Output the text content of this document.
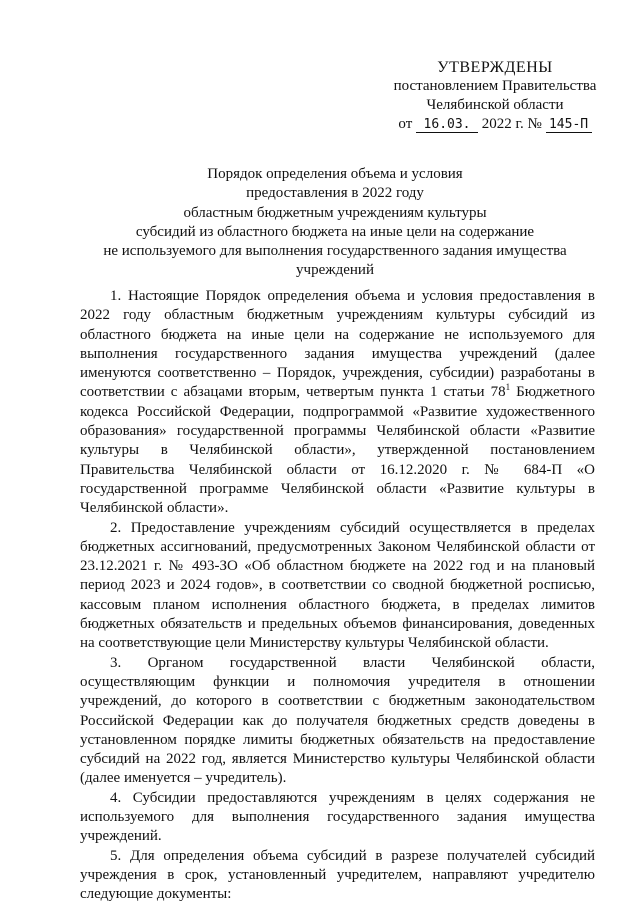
УТВЕРЖДЕНЫ
постановлением Правительства
Челябинской области
от 16.03. 2022 г. № 145-П
Порядок определения объема и условия
предоставления в 2022 году
областным бюджетным учреждениям культуры
субсидий из областного бюджета на иные цели на содержание
не используемого для выполнения государственного задания имущества
учреждений

1. Настоящие Порядок определения объема и условия предоставления в 2022 году областным бюджетным учреждениям культуры субсидий из областного бюджета на иные цели на содержание не используемого для выполнения государственного задания имущества учреждений (далее именуются соответственно – Порядок, учреждения, субсидии) разработаны в соответствии с абзацами вторым, четвертым пункта 1 статьи $78^1$ Бюджетного кодекса Российской Федерации, подпрограммой «Развитие художественного образования» государственной программы Челябинской области «Развитие культуры в Челябинской области», утвержденной постановлением Правительства Челябинской области от 16.12.2020 г. № 684-П «О государственной программе Челябинской области «Развитие культуры в Челябинской области».

2. Предоставление учреждениям субсидий осуществляется в пределах бюджетных ассигнований, предусмотренных Законом Челябинской области от 23.12.2021 г. № 493-ЗО «Об областном бюджете на 2022 год и на плановый период 2023 и 2024 годов», в соответствии со сводной бюджетной росписью, кассовым планом исполнения областного бюджета, в пределах лимитов бюджетных обязательств и предельных объемов финансирования, доведенных на соответствующие цели Министерству культуры Челябинской области.

3. Органом государственной власти Челябинской области, осуществляющим функции и полномочия учредителя в отношении учреждений, до которого в соответствии с бюджетным законодательством Российской Федерации как до получателя бюджетных средств доведены в установленном порядке лимиты бюджетных обязательств на предоставление субсидий на 2022 год, является Министерство культуры Челябинской области (далее именуется – учредитель).

4. Субсидии предоставляются учреждениям в целях содержания не используемого для выполнения государственного задания имущества учреждений.

5. Для определения объема субсидий в разрезе получателей субсидий учреждения в срок, установленный учредителем, направляют учредителю следующие документы:
